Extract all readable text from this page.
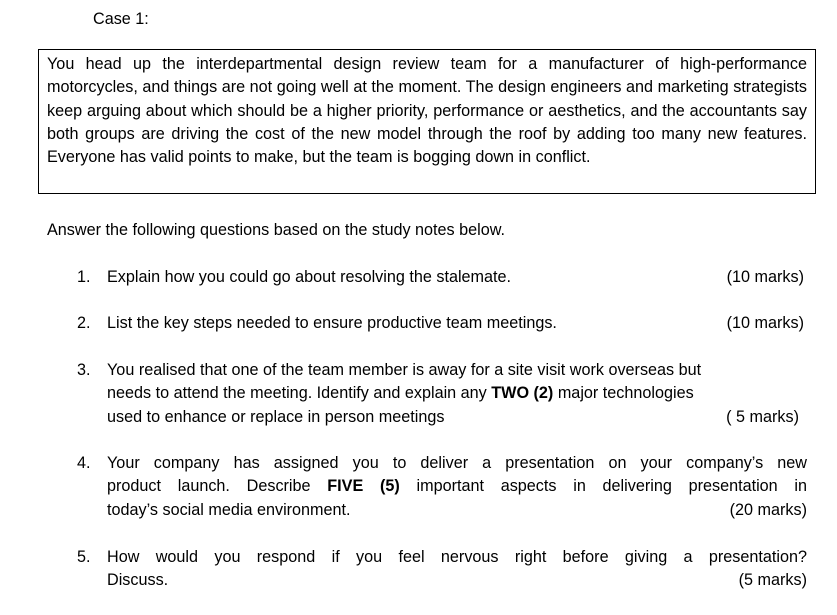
Case 1:

You head up the interdepartmental design review team for a manufacturer of high-performance motorcycles, and things are not going well at the moment. The design engineers and marketing strategists keep arguing about which should be a higher priority, performance or aesthetics, and the accountants say both groups are driving the cost of the new model through the roof by adding too many new features. Everyone has valid points to make, but the team is bogging down in conflict.

Answer the following questions based on the study notes below.

1. Explain how you could go about resolving the stalemate.	(10 marks)
2. List the key steps needed to ensure productive team meetings.	(10 marks)
3. You realised that one of the team member is away for a site visit work overseas but
needs to attend the meeting. Identify and explain any TWO (2) major technologies
used to enhance or replace in person meetings	( 5 marks)
4. Your company has assigned you to deliver a presentation on your company’s new

product launch. Describe FIVE (5) important aspects in delivering presentation in

today’s social media environment.	(20 marks)
5. How would you respond if you feel nervous right before giving a presentation?

Discuss.	(5 marks)
